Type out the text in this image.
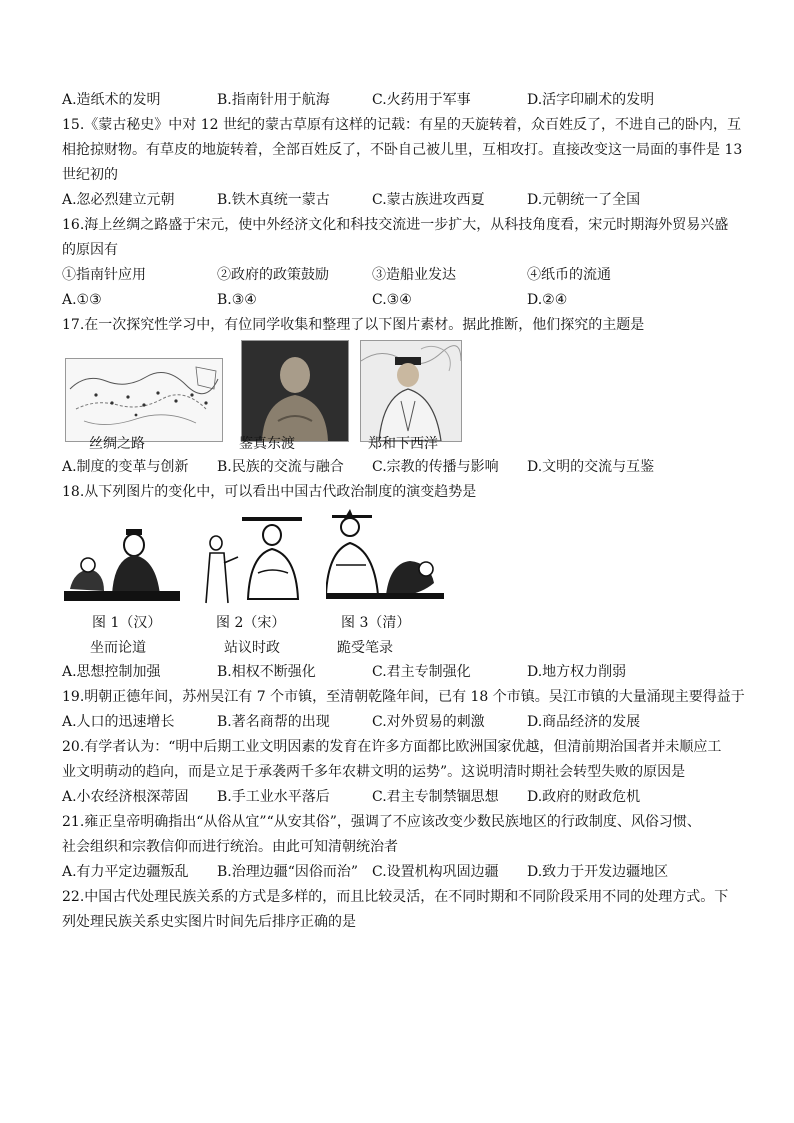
A.造纸术的发明	B.指南针用于航海	C.火药用于军事	D.活字印刷术的发明
15.《蒙古秘史》中对 12 世纪的蒙古草原有这样的记载：有星的天旋转着，众百姓反了，不进自己的卧内，互
相抢掠财物。有草皮的地旋转着，全部百姓反了，不卧自己被儿里，互相攻打。直接改变这一局面的事件是 13
世纪初的
A.忽必烈建立元朝	B.铁木真统一蒙古	C.蒙古族进攻西夏	D.元朝统一了全国
16.海上丝绸之路盛于宋元，使中外经济文化和科技交流进一步扩大，从科技角度看，宋元时期海外贸易兴盛
的原因有
①指南针应用	②政府的政策鼓励	③造船业发达	④纸币的流通
A.①③	B.③④	C.③④	D.②④
17.在一次探究性学习中，有位同学收集和整理了以下图片素材。据此推断，他们探究的主题是
丝绸之路	鉴真东渡	郑和下西洋
A.制度的变革与创新	B.民族的交流与融合	C.宗教的传播与影响	D.文明的交流与互鉴
18.从下列图片的变化中，可以看出中国古代政治制度的演变趋势是
图 1（汉）	图 2（宋）	图 3（清）
坐而论道	站议时政	跪受笔录
A.思想控制加强	B.相权不断强化	C.君主专制强化	D.地方权力削弱
19.明朝正德年间，苏州吴江有 7 个市镇，至清朝乾隆年间，已有 18 个市镇。吴江市镇的大量涌现主要得益于
A.人口的迅速增长	B.著名商帮的出现	C.对外贸易的刺激	D.商品经济的发展
20.有学者认为：“明中后期工业文明因素的发育在许多方面都比欧洲国家优越，但清前期治国者并未顺应工
业文明萌动的趋向，而是立足于承袭两千多年农耕文明的运势”。这说明清时期社会转型失败的原因是
A.小农经济根深蒂固	B.手工业水平落后	C.君主专制禁锢思想	D.政府的财政危机
21.雍正皇帝明确指出“从俗从宜”“从安其俗”，强调了不应该改变少数民族地区的行政制度、风俗习惯、
社会组织和宗教信仰而进行统治。由此可知清朝统治者
A.有力平定边疆叛乱	B.治理边疆“因俗而治” C.设置机构巩固边疆	D.致力于开发边疆地区
22.中国古代处理民族关系的方式是多样的，而且比较灵活，在不同时期和不同阶段采用不同的处理方式。下
列处理民族关系史实图片时间先后排序正确的是
